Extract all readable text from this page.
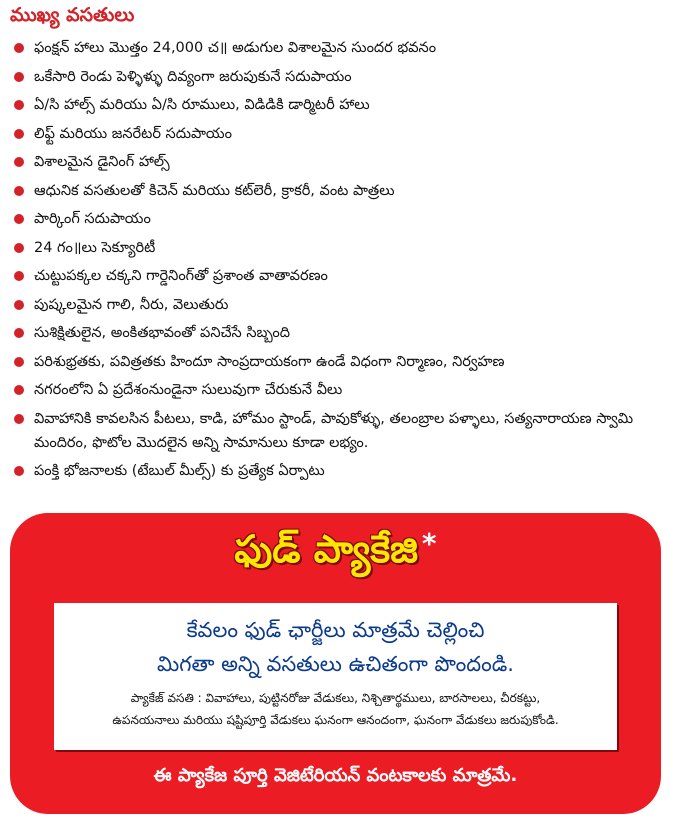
ముఖ్య వసతులు
ఫంక్షన్ హాలు మొత్తం 24,000 చ॥ అడుగుల విశాలమైన సుందర భవనం
ఒకేసారి రెండు పెళ్ళిళ్ళు దివ్యంగా జరుపుకునే సదుపాయం
ఏ/సి హాల్స్ మరియు ఏ/సి రూములు, విడిడికి డార్మిటరీ హాలు
లిఫ్ట్ మరియు జనరేటర్ సదుపాయం
విశాలమైన డైనింగ్ హాల్స్
ఆధునిక వసతులతో కిచెన్ మరియు కట్‌లెరీ, క్రాకరీ, వంట పాత్రలు
పార్కింగ్ సదుపాయం
24 గం॥లు సెక్యూరిటీ
చుట్టుపక్కల చక్కని గార్డెనింగ్‌తో ప్రశాంత వాతావరణం
పుష్కలమైన గాలి, నీరు, వెలుతురు
సుశిక్షితులైన, అంకితభావంతో పనిచేసే సిబ్బంది
పరిశుభ్రతకు, పవిత్రతకు హిందూ సాంప్రదాయకంగా ఉండే విధంగా నిర్మాణం, నిర్వహణ
నగరంలోని ఏ ప్రదేశంనుండైనా సులువుగా చేరుకునే వీలు
వివాహానికి కావలసిన పీటలు, కాడి, హోమం స్టాండ్, పావుకోళ్ళు, తలంబ్రాల పళ్ళాలు, సత్యనారాయణ స్వామి మందిరం, ఫొటోల మొదలైన అన్ని సామానులు కూడా లభ్యం.
పంక్తి భోజనాలకు (టేబుల్ మీల్స్) కు ప్రత్యేక ఏర్పాటు
ఫుడ్ ప్యాకేజి *
కేవలం ఫుడ్ ఛార్జీలు మాత్రమే చెల్లించి
మిగతా అన్ని వసతులు ఉచితంగా పొందండి.
ప్యాకేజ్ వసతి : వివాహాలు, పుట్టినరోజు వేడుకలు, నిశ్చితార్థములు, బారసాలలు, చీరకట్టు,
ఉపనయనాలు మరియు షష్టిపూర్తి వేడుకలు ఘనంగా ఆనందంగా, ఘనంగా వేడుకలు జరుపుకోండి.
ఈ ప్యాకేజ పూర్తి వెజిటేరియన్ వంటకాలకు మాత్రమే.
